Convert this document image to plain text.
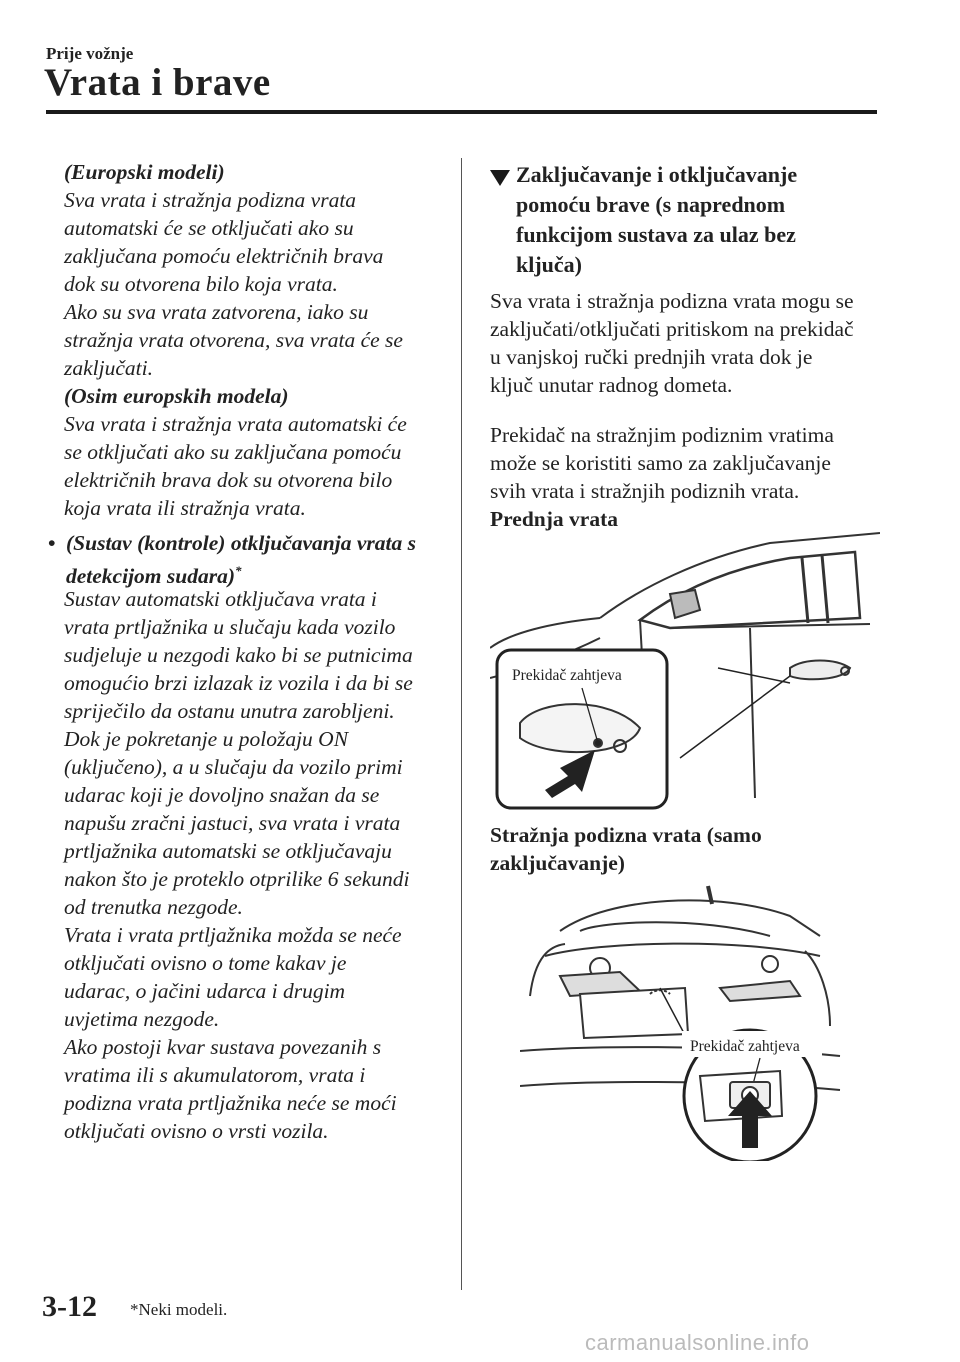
Prije vožnje
Vrata i brave

(Europski modeli)

Sva vrata i stražnja podizna vrata

automatski će se otključati ako su

zaključana pomoću električnih brava

dok su otvorena bilo koja vrata.

Ako su sva vrata zatvorena, iako su

stražnja vrata otvorena, sva vrata će se

zaključati.

(Osim europskih modela)

Sva vrata i stražnja vrata automatski će

se otključati ako su zaključana pomoću

električnih brava dok su otvorena bilo

koja vrata ili stražnja vrata.

• (Sustav (kontrole) otključavanja vrata s
detekcijom sudara)*

Sustav automatski otključava vrata i

vrata prtljažnika u slučaju kada vozilo

sudjeluje u nezgodi kako bi se putnicima

omogućio brzi izlazak iz vozila i da bi se

spriječilo da ostanu unutra zarobljeni.

Dok je pokretanje u položaju ON

(uključeno), a u slučaju da vozilo primi

udarac koji je dovoljno snažan da se

napušu zračni jastuci, sva vrata i vrata

prtljažnika automatski se otključavaju

nakon što je proteklo otprilike 6 sekundi

od trenutka nezgode.

Vrata i vrata prtljažnika možda se neće

otključati ovisno o tome kakav je

udarac, o jačini udarca i drugim

uvjetima nezgode.

Ako postoji kvar sustava povezanih s

vratima ili s akumulatorom, vrata i

podizna vrata prtljažnika neće se moći

otključati ovisno o vrsti vozila.

Zaključavanje i otključavanje
pomoću brave (s naprednom
funkcijom sustava za ulaz bez
ključa)

Sva vrata i stražnja podizna vrata mogu se

zaključati/otključati pritiskom na prekidač

u vanjskoj ručki prednjih vrata dok je

ključ unutar radnog dometa.

Prekidač na stražnjim podiznim vratima

može se koristiti samo za zaključavanje

svih vrata i stražnjih podiznih vrata.

Prednja vrata

Prekidač zahtjeva

Stražnja podizna vrata (samo

zaključavanje)

Prekidač zahtjeva
3-12 *Neki modeli.
carmanualsonline.info
